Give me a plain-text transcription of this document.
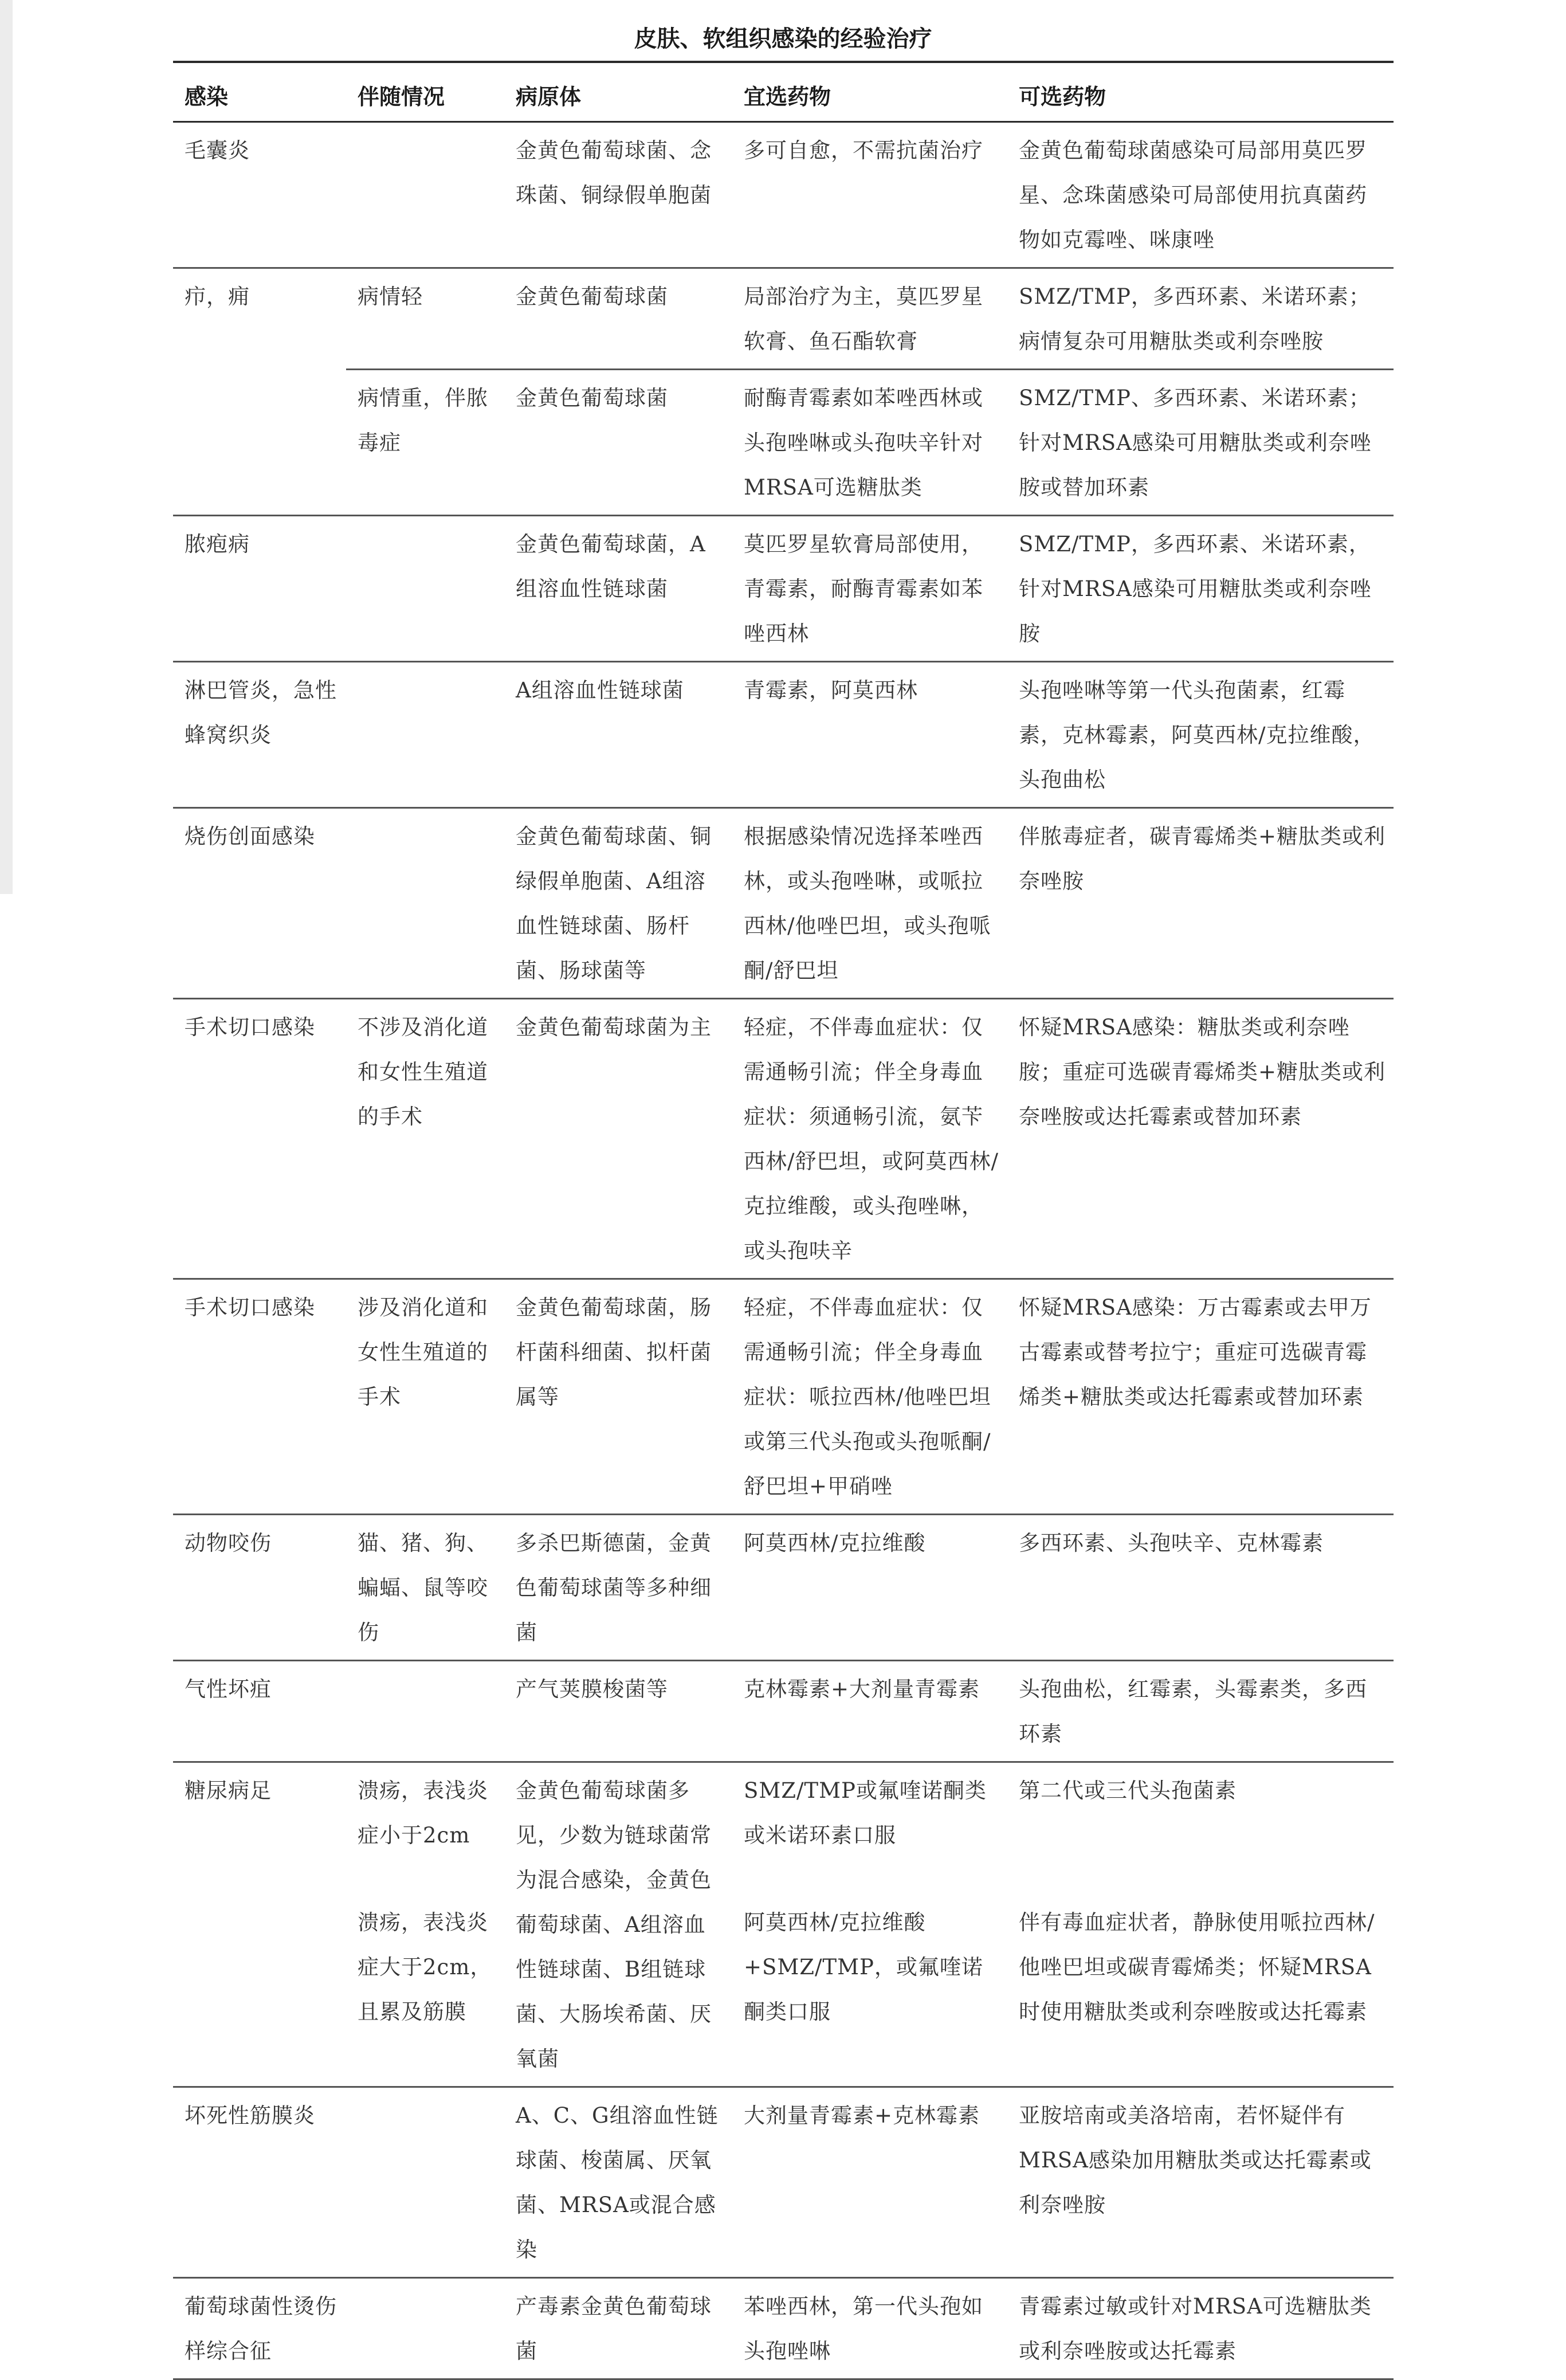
皮肤、软组织感染的经验治疗
感染	伴随情况	病原体	宜选药物	可选药物
毛囊炎		金黄色葡萄球菌、念珠菌、铜绿假单胞菌	多可自愈，不需抗菌治疗	金黄色葡萄球菌感染可局部用莫匹罗星、念珠菌感染可局部使用抗真菌药物如克霉唑、咪康唑
疖，痈	病情轻	金黄色葡萄球菌	局部治疗为主，莫匹罗星软膏、鱼石酯软膏	SMZ/TMP，多西环素、米诺环素；病情复杂可用糖肽类或利奈唑胺
	病情重，伴脓毒症	金黄色葡萄球菌	耐酶青霉素如苯唑西林或头孢唑啉或头孢呋辛针对MRSA可选糖肽类	SMZ/TMP、多西环素、米诺环素；针对MRSA感染可用糖肽类或利奈唑胺或替加环素
脓疱病		金黄色葡萄球菌，A组溶血性链球菌	莫匹罗星软膏局部使用，青霉素，耐酶青霉素如苯唑西林	SMZ/TMP，多西环素、米诺环素，针对MRSA感染可用糖肽类或利奈唑胺
淋巴管炎，急性蜂窝织炎		A组溶血性链球菌	青霉素，阿莫西林	头孢唑啉等第一代头孢菌素，红霉素，克林霉素，阿莫西林/克拉维酸，头孢曲松
烧伤创面感染		金黄色葡萄球菌、铜绿假单胞菌、A组溶血性链球菌、肠杆菌、肠球菌等	根据感染情况选择苯唑西林，或头孢唑啉，或哌拉西林/他唑巴坦，或头孢哌酮/舒巴坦	伴脓毒症者，碳青霉烯类+糖肽类或利奈唑胺
手术切口感染	不涉及消化道和女性生殖道的手术	金黄色葡萄球菌为主	轻症，不伴毒血症状：仅需通畅引流；伴全身毒血症状：须通畅引流，氨苄西林/舒巴坦，或阿莫西林/克拉维酸，或头孢唑啉，或头孢呋辛	怀疑MRSA感染：糖肽类或利奈唑胺；重症可选碳青霉烯类+糖肽类或利奈唑胺或达托霉素或替加环素
手术切口感染	涉及消化道和女性生殖道的手术	金黄色葡萄球菌，肠杆菌科细菌、拟杆菌属等	轻症，不伴毒血症状：仅需通畅引流；伴全身毒血症状：哌拉西林/他唑巴坦或第三代头孢或头孢哌酮/舒巴坦+甲硝唑	怀疑MRSA感染：万古霉素或去甲万古霉素或替考拉宁；重症可选碳青霉烯类+糖肽类或达托霉素或替加环素
动物咬伤	猫、猪、狗、蝙蝠、鼠等咬伤	多杀巴斯德菌，金黄色葡萄球菌等多种细菌	阿莫西林/克拉维酸	多西环素、头孢呋辛、克林霉素
气性坏疽		产气荚膜梭菌等	克林霉素+大剂量青霉素	头孢曲松，红霉素，头霉素类，多西环素
糖尿病足	溃疡，表浅炎症小于2cm	金黄色葡萄球菌多见，少数为链球菌常为混合感染，金黄色葡萄球菌、A组溶血性链球菌、B组链球菌、大肠埃希菌、厌氧菌	SMZ/TMP或氟喹诺酮类或米诺环素口服	第二代或三代头孢菌素
	溃疡，表浅炎症大于2cm，且累及筋膜		阿莫西林/克拉维酸+SMZ/TMP，或氟喹诺酮类口服	伴有毒血症状者，静脉使用哌拉西林/他唑巴坦或碳青霉烯类；怀疑MRSA时使用糖肽类或利奈唑胺或达托霉素
坏死性筋膜炎		A、C、G组溶血性链球菌、梭菌属、厌氧菌、MRSA或混合感染	大剂量青霉素+克林霉素	亚胺培南或美洛培南，若怀疑伴有MRSA感染加用糖肽类或达托霉素或利奈唑胺
葡萄球菌性烫伤样综合征		产毒素金黄色葡萄球菌	苯唑西林，第一代头孢如头孢唑啉	青霉素过敏或针对MRSA可选糖肽类或利奈唑胺或达托霉素
